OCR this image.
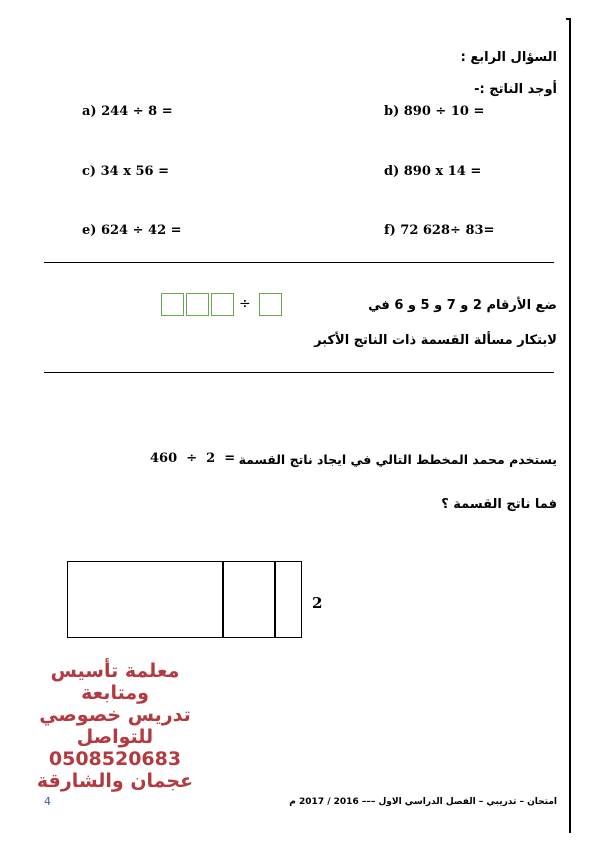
السؤال الرابع :
أوجد الناتج :-
a) 244 ÷ 8 =	b) 890 ÷ 10 =
c) 34 x 56 =	d) 890 x 14 =
e) 624 ÷ 42 =	f) 72 628÷ 83=
ضع الأرقام 2 و 7 و 5 و 6 في
لابتكار مسألة القسمة ذات الناتج الأكبر
÷
يستخدم محمد المخطط التالي في ايجاد ناتج القسمة
460  ÷  2  =
فما ناتج القسمة ؟
2
معلمة تأسيس
ومتابعة
تدريس خصوصي
للتواصل
0508520683
عجمان والشارقة
امتحان – تدريبي – الفصل الدراسي الاول ––– 2016 / 2017 م
4
